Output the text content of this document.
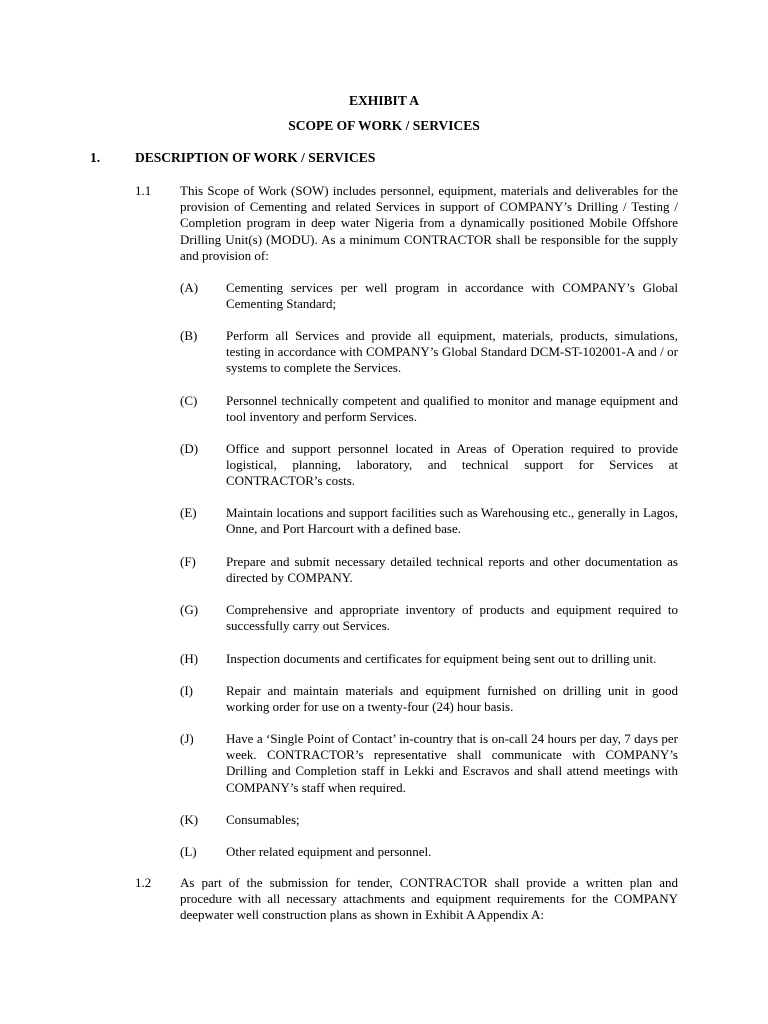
EXHIBIT A
SCOPE OF WORK / SERVICES
1.	DESCRIPTION OF WORK / SERVICES
1.1 This Scope of Work (SOW) includes personnel, equipment, materials and deliverables for the provision of Cementing and related Services in support of COMPANY’s Drilling / Testing / Completion program in deep water Nigeria from a dynamically positioned Mobile Offshore Drilling Unit(s) (MODU). As a minimum CONTRACTOR shall be responsible for the supply and provision of:
(A) Cementing services per well program in accordance with COMPANY’s Global Cementing Standard;
(B) Perform all Services and provide all equipment, materials, products, simulations, testing in accordance with COMPANY’s Global Standard DCM-ST-102001-A and / or systems to complete the Services.
(C) Personnel technically competent and qualified to monitor and manage equipment and tool inventory and perform Services.
(D) Office and support personnel located in Areas of Operation required to provide logistical, planning, laboratory, and technical support for Services at CONTRACTOR’s costs.
(E) Maintain locations and support facilities such as Warehousing etc., generally in Lagos, Onne, and Port Harcourt with a defined base.
(F) Prepare and submit necessary detailed technical reports and other documentation as directed by COMPANY.
(G) Comprehensive and appropriate inventory of products and equipment required to successfully carry out Services.
(H) Inspection documents and certificates for equipment being sent out to drilling unit.
(I)	Repair and maintain materials and equipment furnished on drilling unit in good working order for use on a twenty-four (24) hour basis.
(J) Have a ‘Single Point of Contact’ in-country that is on-call 24 hours per day, 7 days per week. CONTRACTOR’s representative shall communicate with COMPANY’s Drilling and Completion staff in Lekki and Escravos and shall attend meetings with COMPANY’s staff when required.
(K) Consumables;
(L) Other related equipment and personnel.
1.2 As part of the submission for tender, CONTRACTOR shall provide a written plan and procedure with all necessary attachments and equipment requirements for the COMPANY deepwater well construction plans as shown in Exhibit A Appendix A:
